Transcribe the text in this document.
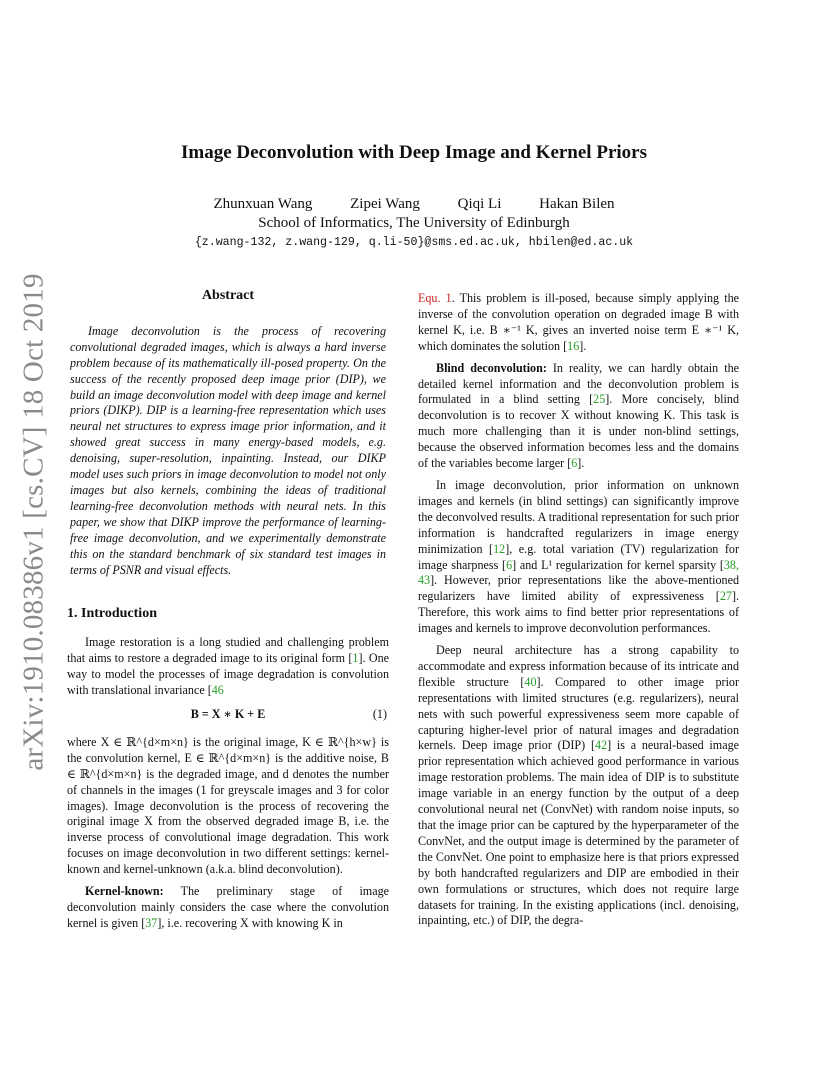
arXiv:1910.08386v1 [cs.CV] 18 Oct 2019
Image Deconvolution with Deep Image and Kernel Priors
Zhunxuan Wang	Zipei Wang	Qiqi Li	Hakan Bilen
School of Informatics, The University of Edinburgh
{z.wang-132, z.wang-129, q.li-50}@sms.ed.ac.uk, hbilen@ed.ac.uk
Abstract

Image deconvolution is the process of recovering convolutional degraded images, which is always a hard inverse problem because of its mathematically ill-posed property. On the success of the recently proposed deep image prior (DIP), we build an image deconvolution model with deep image and kernel priors (DIKP). DIP is a learning-free representation which uses neural net structures to express image prior information, and it showed great success in many energy-based models, e.g. denoising, super-resolution, inpainting. Instead, our DIKP model uses such priors in image deconvolution to model not only images but also kernels, combining the ideas of traditional learning-free deconvolution methods with neural nets. In this paper, we show that DIKP improve the performance of learning-free image deconvolution, and we experimentally demonstrate this on the standard benchmark of six standard test images in terms of PSNR and visual effects.

1. Introduction

Image restoration is a long studied and challenging problem that aims to restore a degraded image to its original form [1]. One way to model the processes of image degradation is convolution with translational invariance [46

B = X ∗ K + E	(1)

where X ∈ ℝ^{d×m×n} is the original image, K ∈ ℝ^{h×w} is the convolution kernel, E ∈ ℝ^{d×m×n} is the additive noise, B ∈ ℝ^{d×m×n} is the degraded image, and d denotes the number of channels in the images (1 for greyscale images and 3 for color images). Image deconvolution is the process of recovering the original image X from the observed degraded image B, i.e. the inverse process of convolutional image degradation. This work focuses on image deconvolution in two different settings: kernel-known and kernel-unknown (a.k.a. blind deconvolution).

Kernel-known: The preliminary stage of image deconvolution mainly considers the case where the convolution kernel is given [37], i.e. recovering X with knowing K in

Equ. 1. This problem is ill-posed, because simply applying the inverse of the convolution operation on degraded image B with kernel K, i.e. B ∗⁻¹ K, gives an inverted noise term E ∗⁻¹ K, which dominates the solution [16].

Blind deconvolution: In reality, we can hardly obtain the detailed kernel information and the deconvolution problem is formulated in a blind setting [25]. More concisely, blind deconvolution is to recover X without knowing K. This task is much more challenging than it is under non-blind settings, because the observed information becomes less and the domains of the variables become larger [6].

In image deconvolution, prior information on unknown images and kernels (in blind settings) can significantly improve the deconvolved results. A traditional representation for such prior information is handcrafted regularizers in image energy minimization [12], e.g. total variation (TV) regularization for image sharpness [6] and L¹ regularization for kernel sparsity [38, 43]. However, prior representations like the above-mentioned regularizers have limited ability of expressiveness [27]. Therefore, this work aims to find better prior representations of images and kernels to improve deconvolution performances.

Deep neural architecture has a strong capability to accommodate and express information because of its intricate and flexible structure [40]. Compared to other image prior representations with limited structures (e.g. regularizers), neural nets with such powerful expressiveness seem more capable of capturing higher-level prior of natural images and degradation kernels. Deep image prior (DIP) [42] is a neural-based image prior representation which achieved good performance in various image restoration problems. The main idea of DIP is to substitute image variable in an energy function by the output of a deep convolutional neural net (ConvNet) with random noise inputs, so that the image prior can be captured by the hyperparameter of the ConvNet, and the output image is determined by the parameter of the ConvNet. One point to emphasize here is that priors expressed by both handcrafted regularizers and DIP are embodied in their own formulations or structures, which does not require large datasets for training. In the existing applications (incl. denoising, inpainting, etc.) of DIP, the degra-
